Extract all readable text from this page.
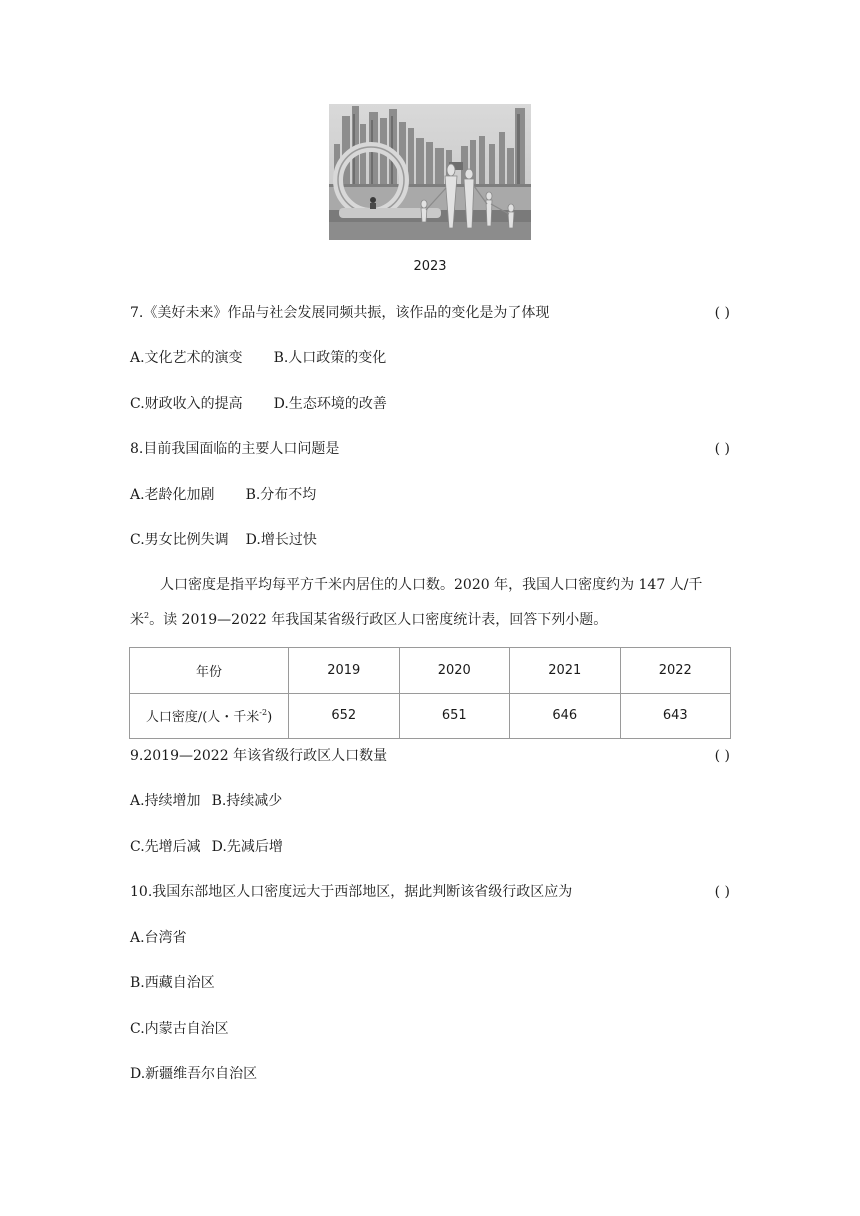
2023
7.《美好未来》作品与社会发展同频共振，该作品的变化是为了体现	( )
A.文化艺术的演变 B.人口政策的变化
C.财政收入的提高 D.生态环境的改善
8.目前我国面临的主要人口问题是	( )
A.老龄化加剧 B.分布不均
C.男女比例失调 D.增长过快
人口密度是指平均每平方千米内居住的人口数。2020 年，我国人口密度约为 147 人/千
米$^2$。读 2019—2022 年我国某省级行政区人口密度统计表，回答下列小题。
年份	2019	2020	2021	2022
人口密度/(人・千米$^{-2}$)	652	651	646	643
9.2019—2022 年该省级行政区人口数量	( )
A.持续增加 B.持续减少
C.先增后减 D.先减后增
10.我国东部地区人口密度远大于西部地区，据此判断该省级行政区应为	( )
A.台湾省
B.西藏自治区
C.内蒙古自治区
D.新疆维吾尔自治区
